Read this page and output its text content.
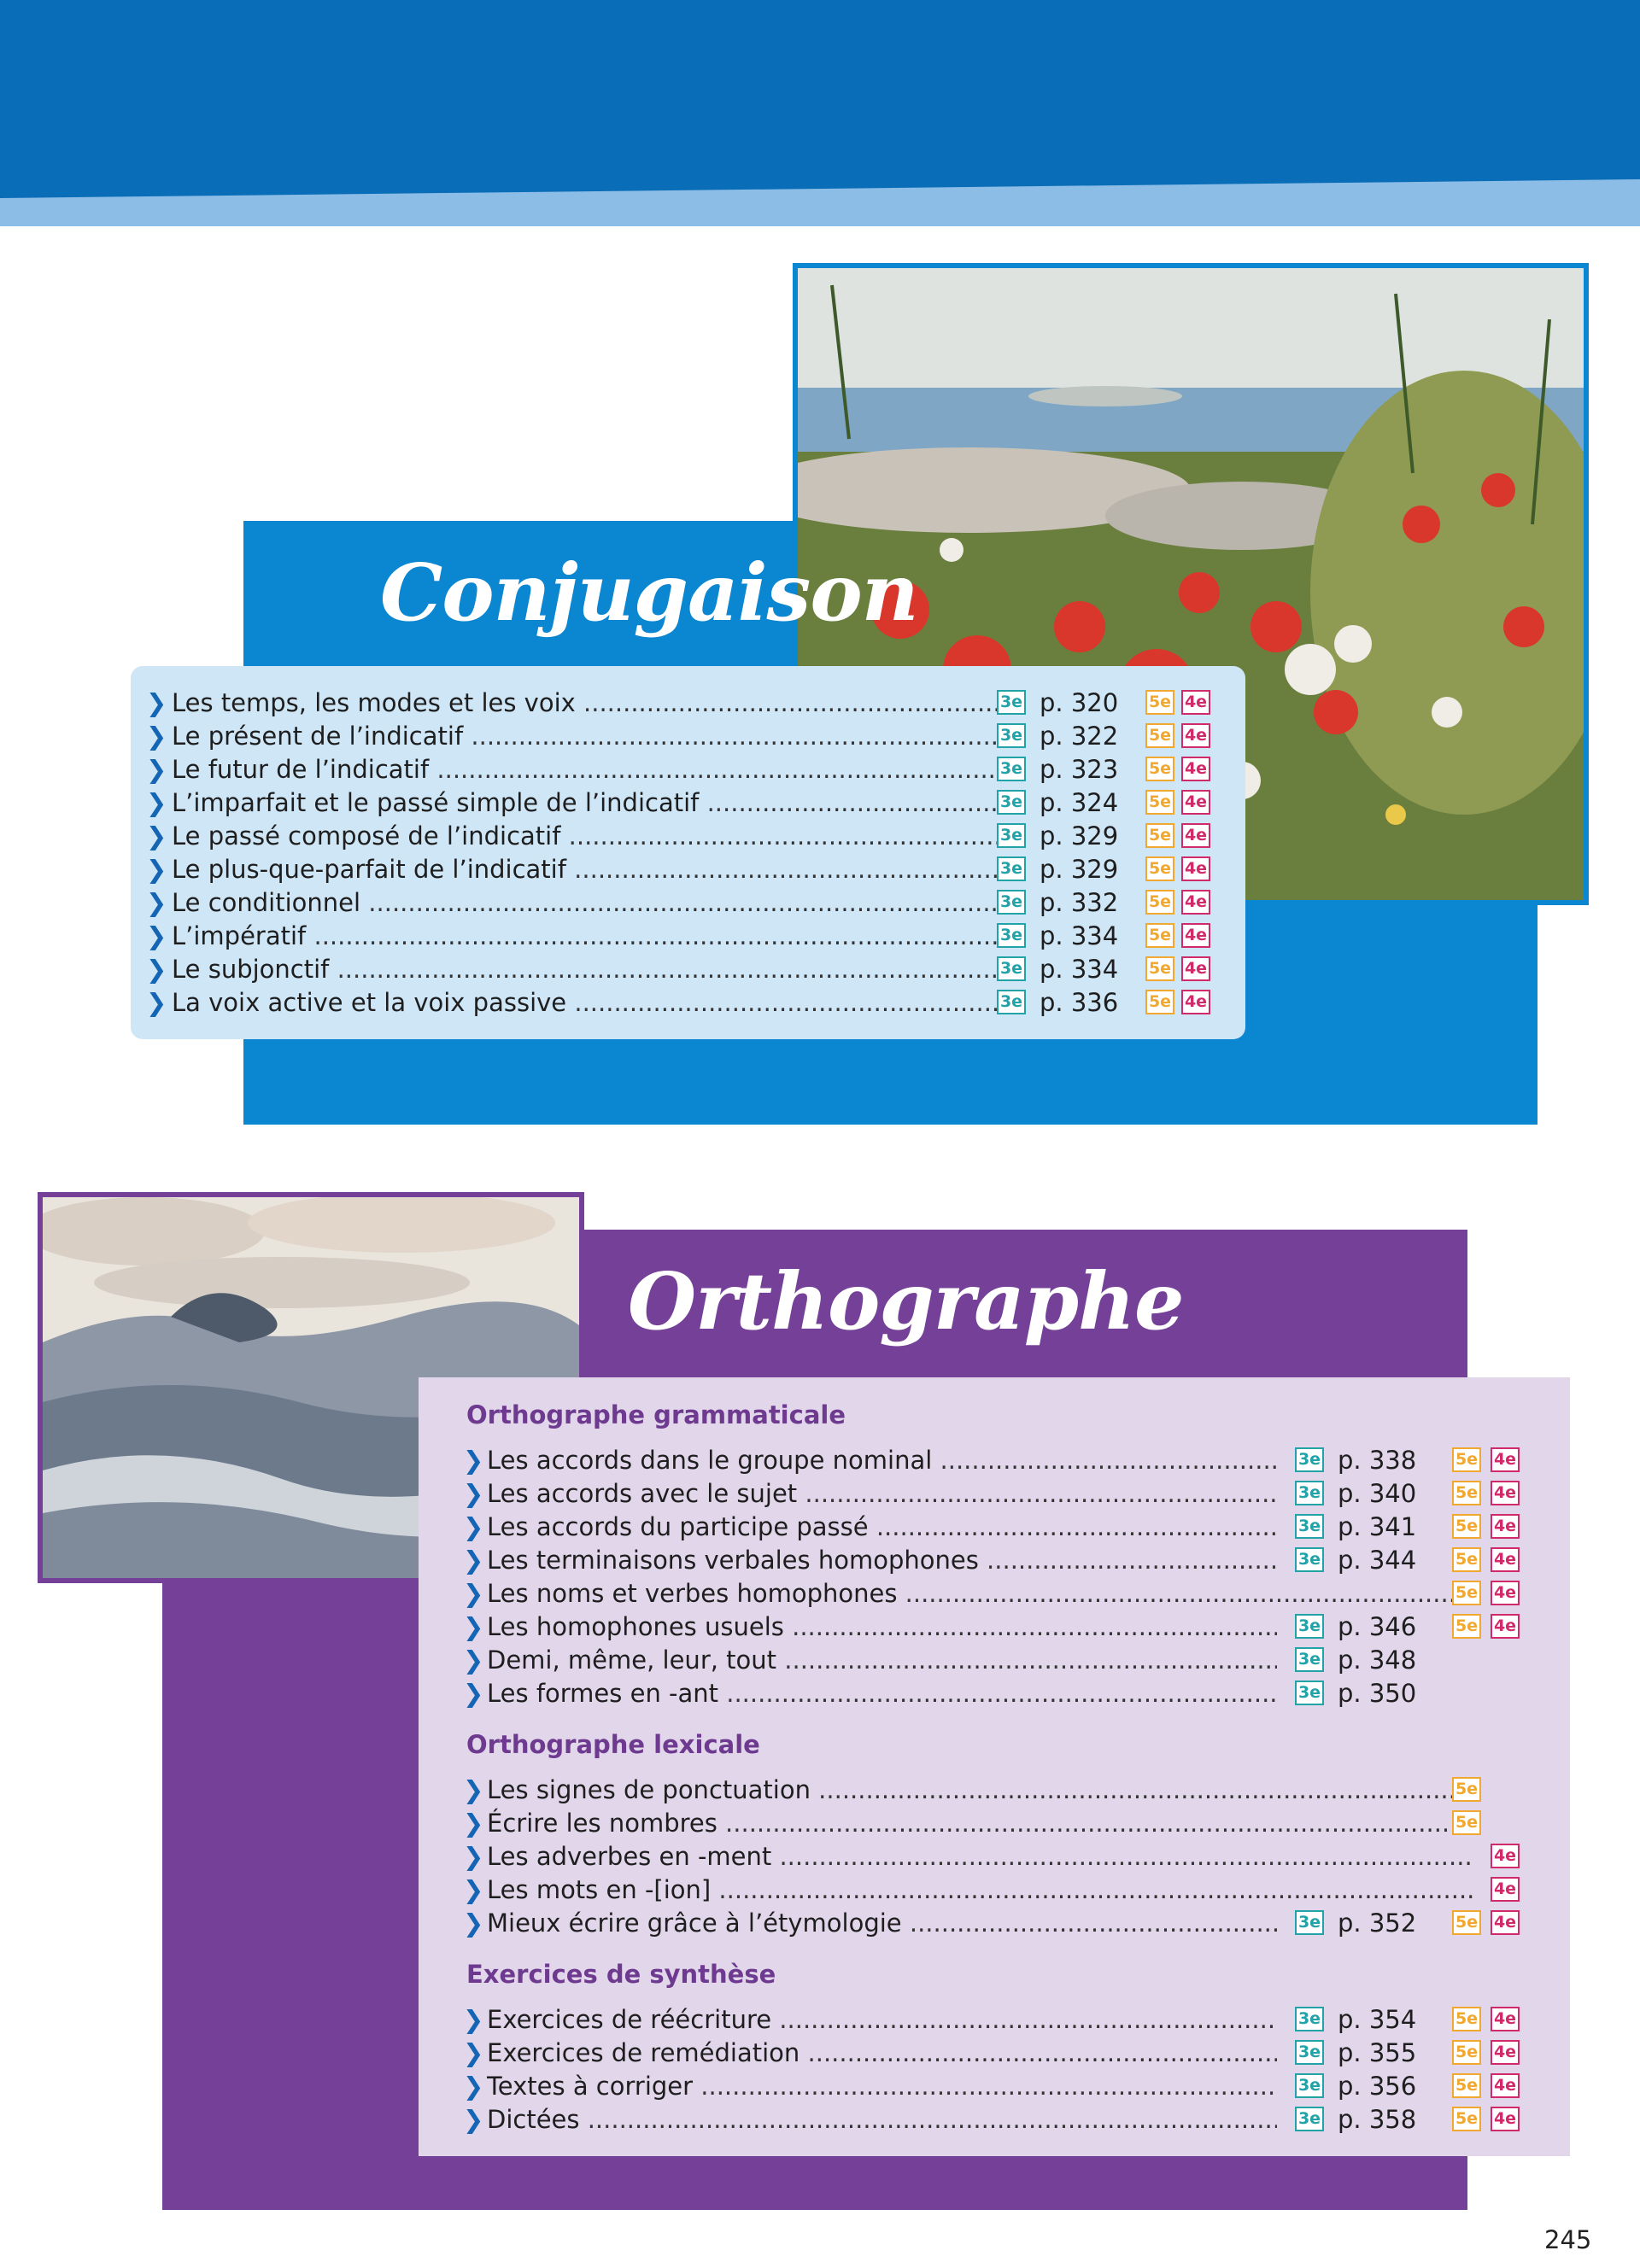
Conjugaison
❯ Les temps, les modes et les voix .....	3e p. 320 5e 4e
❯ Le présent de l’indicatif .....	3e p. 322 5e 4e
❯ Le futur de l’indicatif .....	3e p. 323 5e 4e
❯ L’imparfait et le passé simple de l’indicatif .....	3e p. 324 5e 4e
❯ Le passé composé de l’indicatif .....	3e p. 329 5e 4e
❯ Le plus-que-parfait de l’indicatif .....	3e p. 329 5e 4e
❯ Le conditionnel .....	3e p. 332 5e 4e
❯ L’impératif .....	3e p. 334 5e 4e
❯ Le subjonctif .....	3e p. 334 5e 4e
❯ La voix active et la voix passive .....	3e p. 336 5e 4e
Orthographe
Orthographe grammaticale
❯ Les accords dans le groupe nominal .....	3e p. 338 5e 4e
❯ Les accords avec le sujet .....	3e p. 340 5e 4e
❯ Les accords du participe passé .....	3e p. 341 5e 4e
❯ Les terminaisons verbales homophones .....	3e p. 344 5e 4e
❯ Les noms et verbes homophones .....	5e 4e
❯ Les homophones usuels .....	3e p. 346 5e 4e
❯ Demi, même, leur, tout .....	3e p. 348
❯ Les formes en -ant .....	3e p. 350
Orthographe lexicale
❯ Les signes de ponctuation .....	5e
❯ Écrire les nombres .....	5e
❯ Les adverbes en -ment .....	4e
❯ Les mots en -[ion] .....	4e
❯ Mieux écrire grâce à l’étymologie .....	3e p. 352 5e 4e
Exercices de synthèse
❯ Exercices de réécriture .....	3e p. 354 5e 4e
❯ Exercices de remédiation .....	3e p. 355 5e 4e
❯ Textes à corriger .....	3e p. 356 5e 4e
❯ Dictées .....	3e p. 358 5e 4e
245
